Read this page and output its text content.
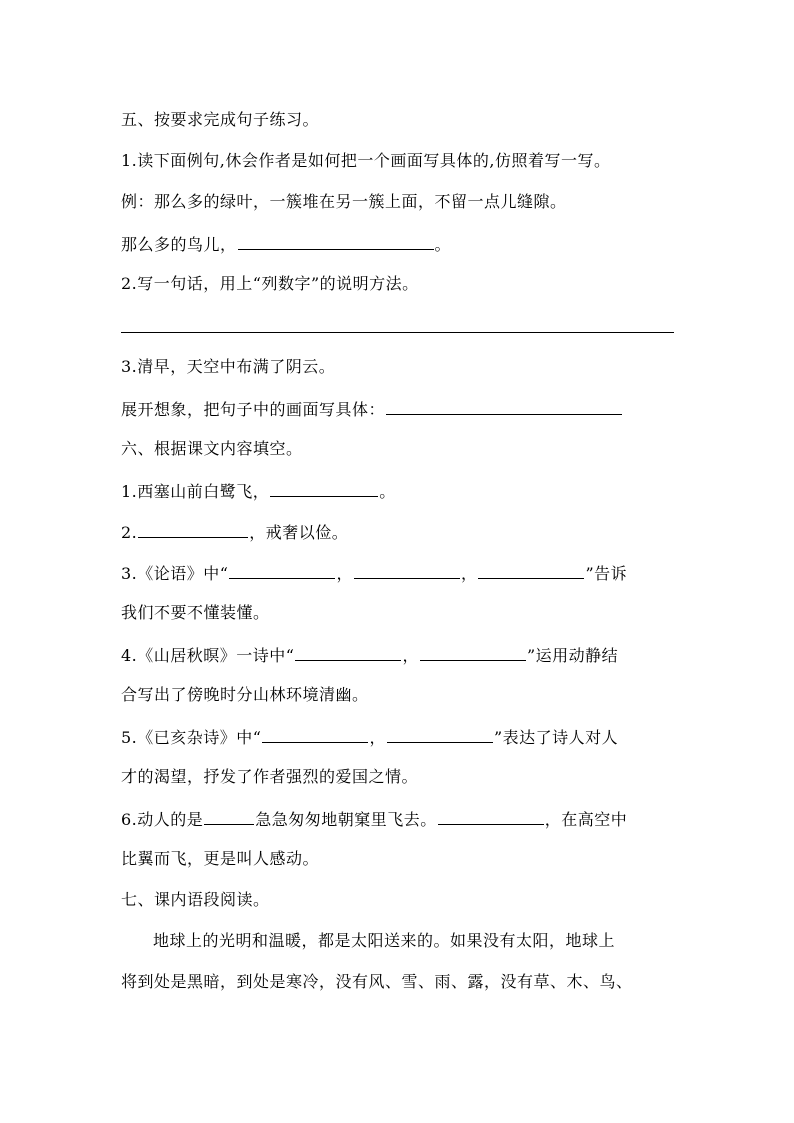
五、按要求完成句子练习。
1.读下面例句,休会作者是如何把一个画面写具体的,仿照着写一写。
例：那么多的绿叶，一簇堆在另一簇上面，不留一点儿缝隙。
那么多的鸟儿，	。
2.写一句话，用上“列数字”的说明方法。
3.清早，天空中布满了阴云。
展开想象，把句子中的画面写具体：
六、根据课文内容填空。
1.西塞山前白鹭飞，	。
2.	，戒奢以俭。
3.《论语》中“	，	，	”告诉
我们不要不懂装懂。
4.《山居秋暝》一诗中“	，	”运用动静结
合写出了傍晚时分山林环境清幽。
5.《已亥杂诗》中“	，	”表达了诗人对人
才的渴望，抒发了作者强烈的爱国之情。
6.动人的是	急急匆匆地朝窠里飞去。	，在高空中
比翼而飞，更是叫人感动。
七、课内语段阅读。
地球上的光明和温暖，都是太阳送来的。如果没有太阳，地球上
将到处是黑暗，到处是寒冷，没有风、雪、雨、露，没有草、木、鸟、
